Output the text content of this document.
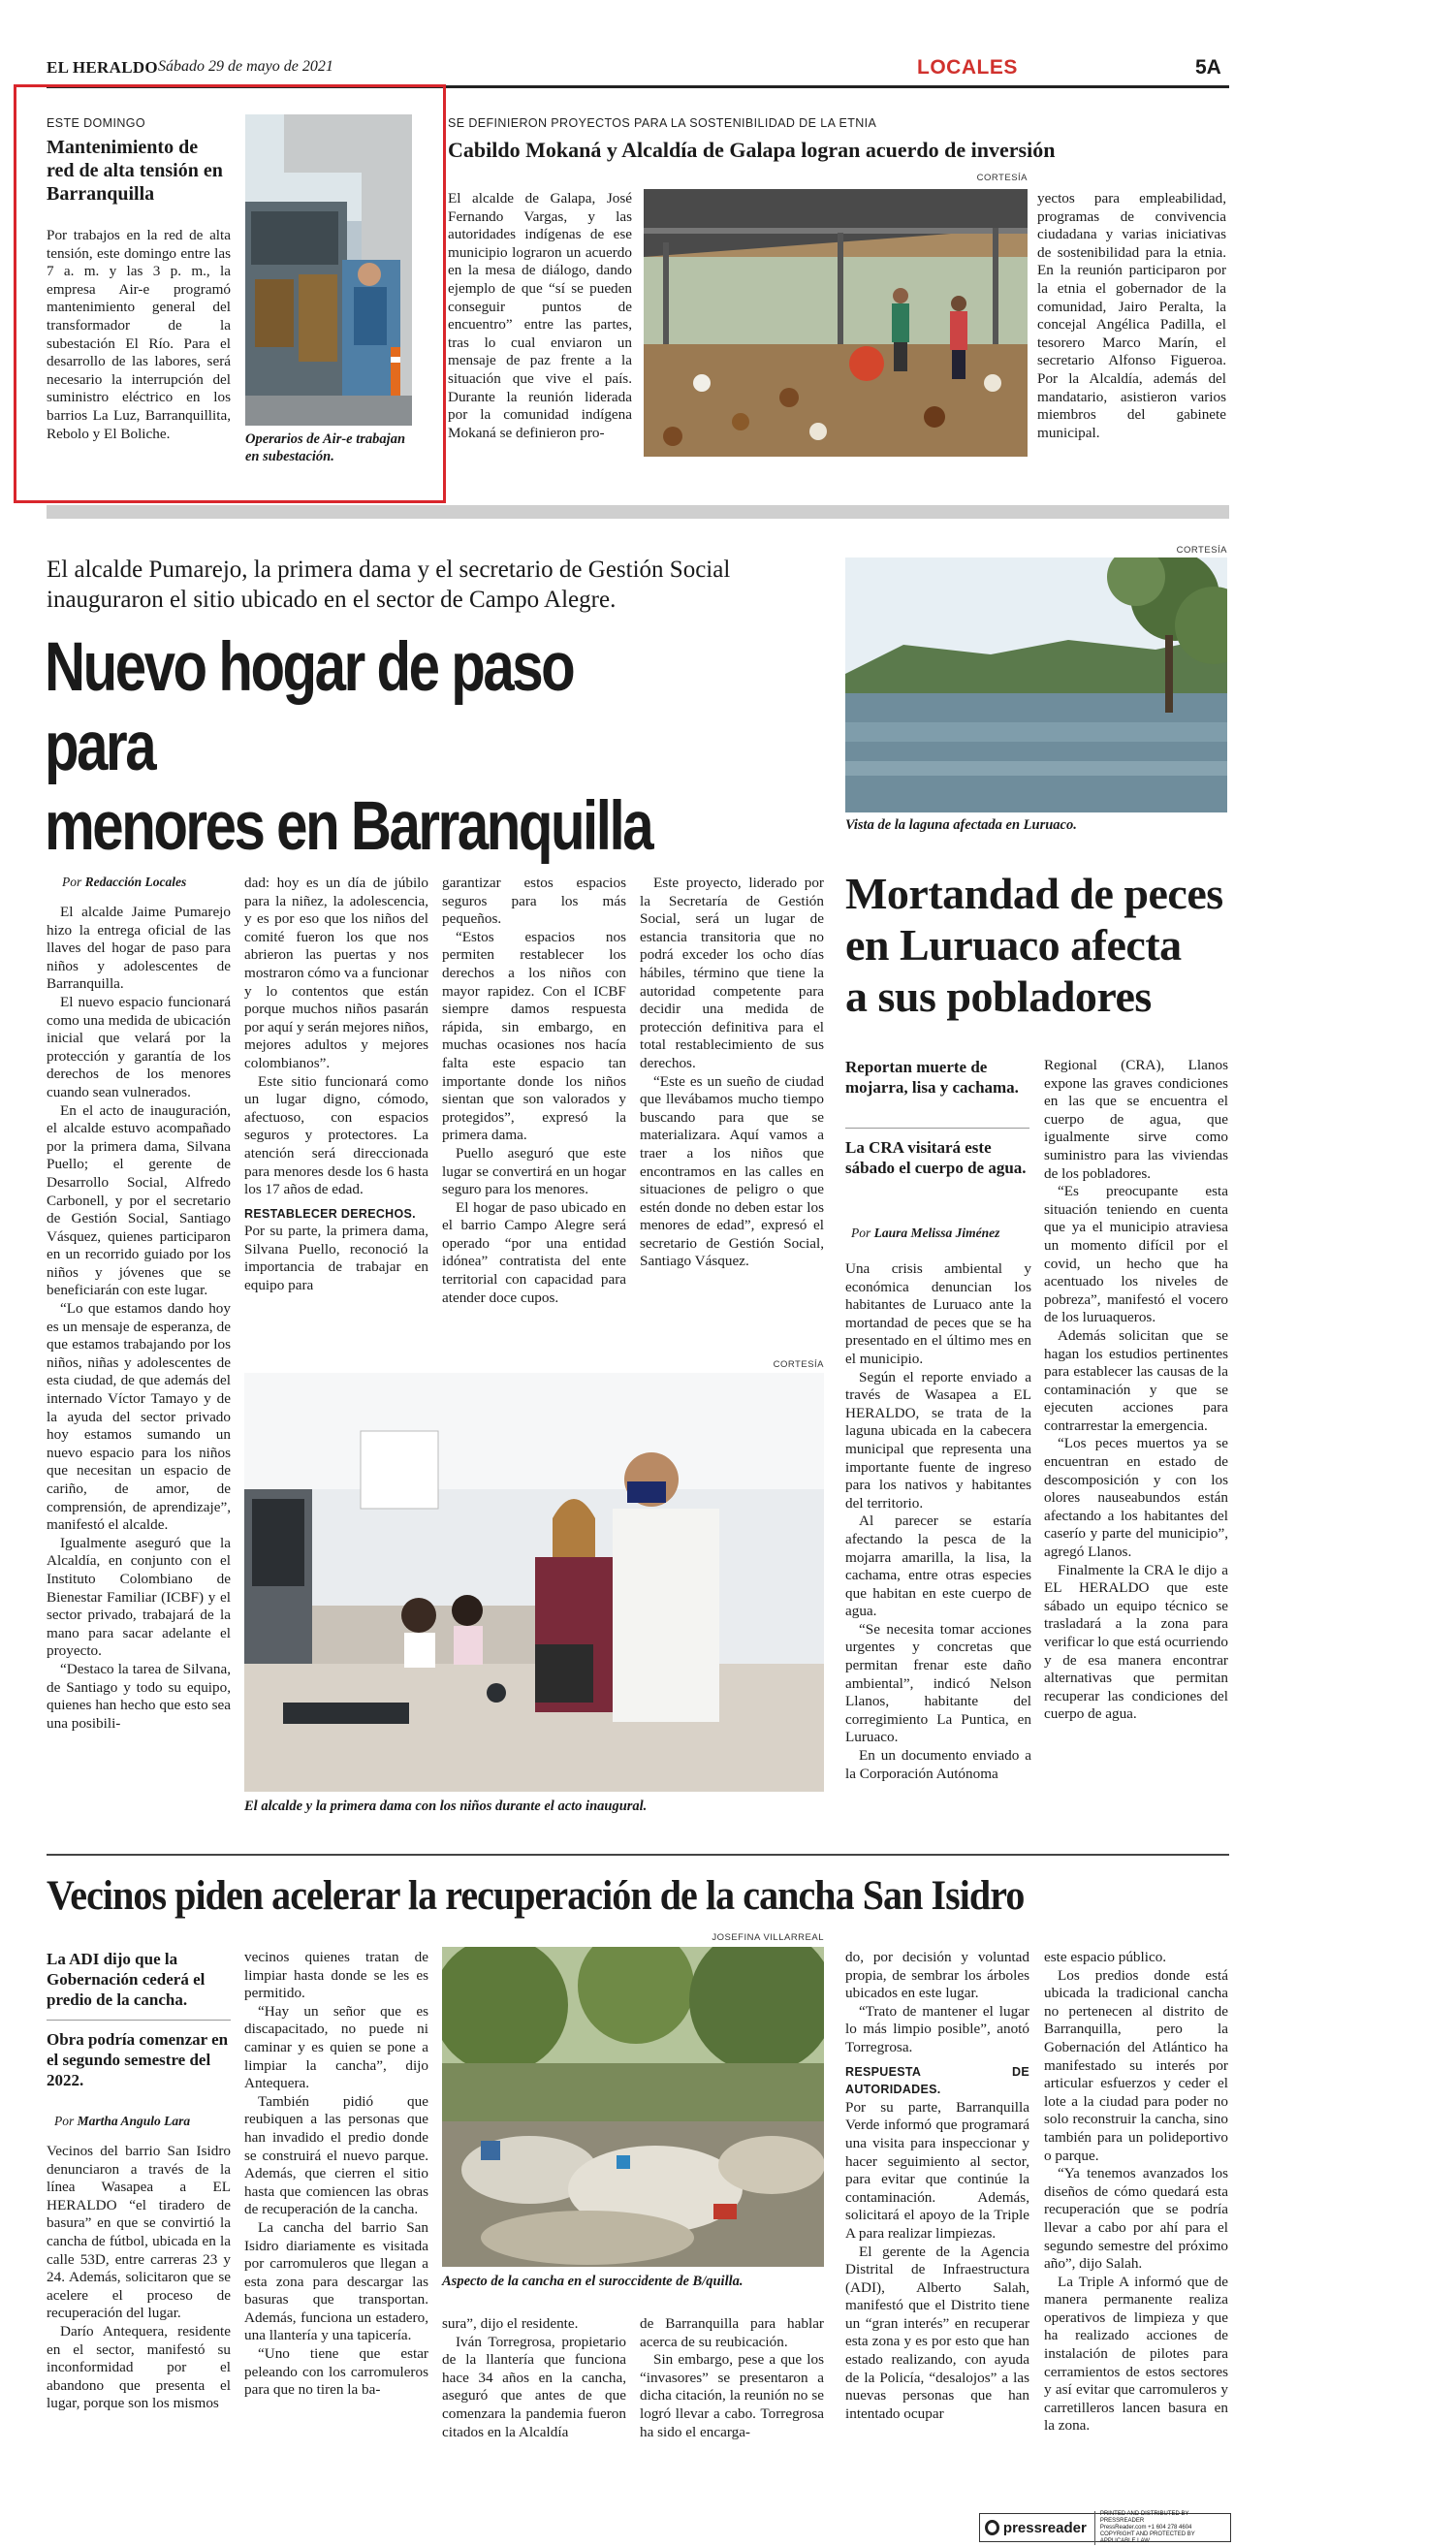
EL HERALDO Sábado 29 de mayo de 2021	LOCALES	5A
ESTE DOMINGO
Mantenimiento de red de alta tensión en Barranquilla
Por trabajos en la red de alta tensión, este domingo entre las 7 a. m. y las 3 p. m., la empresa Air-e programó mantenimiento general del transformador de la subestación El Río. Para el desarrollo de las labores, será necesario la interrupción del suministro eléctrico en los barrios La Luz, Barranquillita, Rebolo y El Boliche.	Operarios de Air-e trabajan en subestación.
SE DEFINIERON PROYECTOS PARA LA SOSTENIBILIDAD DE LA ETNIA
Cabildo Mokaná y Alcaldía de Galapa logran acuerdo de inversión
CORTESÍA
El alcalde de Galapa, José Fernando Vargas, y las autoridades indígenas de ese municipio lograron un acuerdo en la mesa de diálogo, dando ejemplo de que “sí se pueden conseguir puntos de encuentro” entre las partes, tras lo cual enviaron un mensaje de paz frente a la situación que vive el país. Durante la reunión liderada por la comunidad indígena Mokaná se definieron pro-
yectos para empleabilidad, programas de convivencia ciudadana y varias iniciativas de sostenibilidad para la etnia. En la reunión participaron por la etnia el gobernador de la comunidad, Jairo Peralta, la concejal Angélica Padilla, el tesorero Marco Marín, el secretario Alfonso Figueroa. Por la Alcaldía, además del mandatario, asistieron varios miembros del gabinete municipal.
El alcalde Pumarejo, la primera dama y el secretario de Gestión Social inauguraron el sitio ubicado en el sector de Campo Alegre.
Nuevo hogar de paso para
menores en Barranquilla
Por Redacción Locales

El alcalde Jaime Pumarejo hizo la entrega oficial de las llaves del hogar de paso para niños y adolescentes de Barranquilla.

El nuevo espacio funcionará como una medida de ubicación inicial que velará por la protección y garantía de los derechos de los menores cuando sean vulnerados.

En el acto de inauguración, el alcalde estuvo acompañado por la primera dama, Silvana Puello; el gerente de Desarrollo Social, Alfredo Carbonell, y por el secretario de Gestión Social, Santiago Vásquez, quienes participaron en un recorrido guiado por los niños y jóvenes que se beneficiarán con este lugar.

“Lo que estamos dando hoy es un mensaje de esperanza, de que estamos trabajando por los niños, niñas y adolescentes de esta ciudad, de que además del internado Víctor Tamayo y de la ayuda del sector privado hoy estamos sumando un nuevo espacio para los niños que necesitan un espacio de cariño, de amor, de comprensión, de aprendizaje”, manifestó el alcalde.

Igualmente aseguró que la Alcaldía, en conjunto con el Instituto Colombiano de Bienestar Familiar (ICBF) y el sector privado, trabajará de la mano para sacar adelante el proyecto.

“Destaco la tarea de Silvana, de Santiago y todo su equipo, quienes han hecho que esto sea una posibili-

dad: hoy es un día de júbilo para la niñez, la adolescencia, y es por eso que los niños del comité fueron los que nos abrieron las puertas y nos mostraron cómo va a funcionar y lo contentos que están porque muchos niños pasarán por aquí y serán mejores niños, mejores adultos y mejores colombianos”.

Este sitio funcionará como un lugar digno, cómodo, afectuoso, con espacios seguros y protectores. La atención será direccionada para menores desde los 6 hasta los 17 años de edad.

RESTABLECER DERECHOS.

Por su parte, la primera dama, Silvana Puello, reconoció la importancia de trabajar en equipo para

garantizar estos espacios seguros para los más pequeños.

“Estos espacios nos permiten restablecer los derechos a los niños con mayor rapidez. Con el ICBF siempre damos respuesta rápida, sin embargo, en muchas ocasiones nos hacía falta este espacio tan importante donde los niños sientan que son valorados y protegidos”, expresó la primera dama.

Puello aseguró que este lugar se convertirá en un hogar seguro para los menores.

El hogar de paso ubicado en el barrio Campo Alegre será operado “por una entidad idónea” contratista del ente territorial con capacidad para atender doce cupos.

Este proyecto, liderado por la Secretaría de Gestión Social, será un lugar de estancia transitoria que no podrá exceder los ocho días hábiles, término que tiene la autoridad competente para decidir una medida de protección definitiva para el total restablecimiento de sus derechos.

“Este es un sueño de ciudad que llevábamos mucho tiempo buscando para que se materializara. Aquí vamos a traer a los niños que encontramos en las calles en situaciones de peligro o que estén donde no deben estar los menores de edad”, expresó el secretario de Gestión Social, Santiago Vásquez.

CORTESÍA
El alcalde y la primera dama con los niños durante el acto inaugural.
CORTESÍA
Vista de la laguna afectada en Luruaco.
Mortandad de peces
en Luruaco afecta
a sus pobladores
Reportan muerte de mojarra, lisa y cachama.
La CRA visitará este sábado el cuerpo de agua.
Por Laura Melissa Jiménez

Una crisis ambiental y económica denuncian los habitantes de Luruaco ante la mortandad de peces que se ha presentado en el último mes en el municipio.

Según el reporte enviado a través de Wasapea a EL HERALDO, se trata de la laguna ubicada en la cabecera municipal que representa una importante fuente de ingreso para los nativos y habitantes del territorio.

Al parecer se estaría afectando la pesca de la mojarra amarilla, la lisa, la cachama, entre otras especies que habitan en este cuerpo de agua.

“Se necesita tomar acciones urgentes y concretas que permitan frenar este daño ambiental”, indicó Nelson Llanos, habitante del corregimiento La Puntica, en Luruaco.

En un documento enviado a la Corporación Autónoma

Regional (CRA), Llanos expone las graves condiciones en las que se encuentra el cuerpo de agua, que igualmente sirve como suministro para las viviendas de los pobladores.

“Es preocupante esta situación teniendo en cuenta que ya el municipio atraviesa un momento difícil por el covid, un hecho que ha acentuado los niveles de pobreza”, manifestó el vocero de los luruaqueros.

Además solicitan que se hagan los estudios pertinentes para establecer las causas de la contaminación y que se ejecuten acciones para contrarrestar la emergencia.

“Los peces muertos ya se encuentran en estado de descomposición y con los olores nauseabundos están afectando a los habitantes del caserío y parte del municipio”, agregó Llanos.

Finalmente la CRA le dijo a EL HERALDO que este sábado un equipo técnico se trasladará a la zona para verificar lo que está ocurriendo y de esa manera encontrar alternativas que permitan recuperar las condiciones del cuerpo de agua.

Vecinos piden acelerar la recuperación de la cancha San Isidro
La ADI dijo que la Gobernación cederá el predio de la cancha.
Obra podría comenzar en el segundo semestre del 2022.
Por Martha Angulo Lara

Vecinos del barrio San Isidro denunciaron a través de la línea Wasapea a EL HERALDO “el tiradero de basura” en que se convirtió la cancha de fútbol, ubicada en la calle 53D, entre carreras 23 y 24. Además, solicitaron que se acelere el proceso de recuperación del lugar.

Darío Antequera, residente en el sector, manifestó su inconformidad por el abandono que presenta el lugar, porque son los mismos

vecinos quienes tratan de limpiar hasta donde se les es permitido.

“Hay un señor que es discapacitado, no puede ni caminar y es quien se pone a limpiar la cancha”, dijo Antequera.

También pidió que reubiquen a las personas que han invadido el predio donde se construirá el nuevo parque. Además, que cierren el sitio hasta que comiencen las obras de recuperación de la cancha.

La cancha del barrio San Isidro diariamente es visitada por carromuleros que llegan a esta zona para descargar las basuras que transportan. Además, funciona un estadero, una llantería y una tapicería.

“Uno tiene que estar peleando con los carromuleros para que no tiren la ba-

JOSEFINA VILLARREAL
Aspecto de la cancha en el suroccidente de B/quilla.

sura”, dijo el residente.

Iván Torregrosa, propietario de la llantería que funciona hace 34 años en la cancha, aseguró que antes de que comenzara la pandemia fueron citados en la Alcaldía

de Barranquilla para hablar acerca de su reubicación.

Sin embargo, pese a que los “invasores” se presentaron a dicha citación, la reunión no se logró llevar a cabo. Torregrosa ha sido el encarga-

do, por decisión y voluntad propia, de sembrar los árboles ubicados en este lugar.

“Trato de mantener el lugar lo más limpio posible”, anotó Torregrosa.

RESPUESTA DE AUTORIDADES.

Por su parte, Barranquilla Verde informó que programará una visita para inspeccionar y hacer seguimiento al sector, para evitar que continúe la contaminación. Además, solicitará el apoyo de la Triple A para realizar limpiezas.

El gerente de la Agencia Distrital de Infraestructura (ADI), Alberto Salah, manifestó que el Distrito tiene un “gran interés” en recuperar esta zona y es por esto que han estado realizando, con ayuda de la Policía, “desalojos” a las nuevas personas que han intentado ocupar

este espacio público.

Los predios donde está ubicada la tradicional cancha no pertenecen al distrito de Barranquilla, pero la Gobernación del Atlántico ha manifestado su interés por articular esfuerzos y ceder el lote a la ciudad para poder no solo reconstruir la cancha, sino también para un polideportivo o parque.

“Ya tenemos avanzados los diseños de cómo quedará esta recuperación que se podría llevar a cabo por ahí para el segundo semestre del próximo año”, dijo Salah.

La Triple A informó que de manera permanente realiza operativos de limpieza y que ha realizado acciones de instalación de pilotes para cerramientos de estos sectores y así evitar que carromuleros y carretilleros lancen basura en la zona.

pressreader
PRINTED AND DISTRIBUTED BY PRESSREADER
PressReader.com +1 604 278 4604
COPYRIGHT AND PROTECTED BY APPLICABLE LAW
